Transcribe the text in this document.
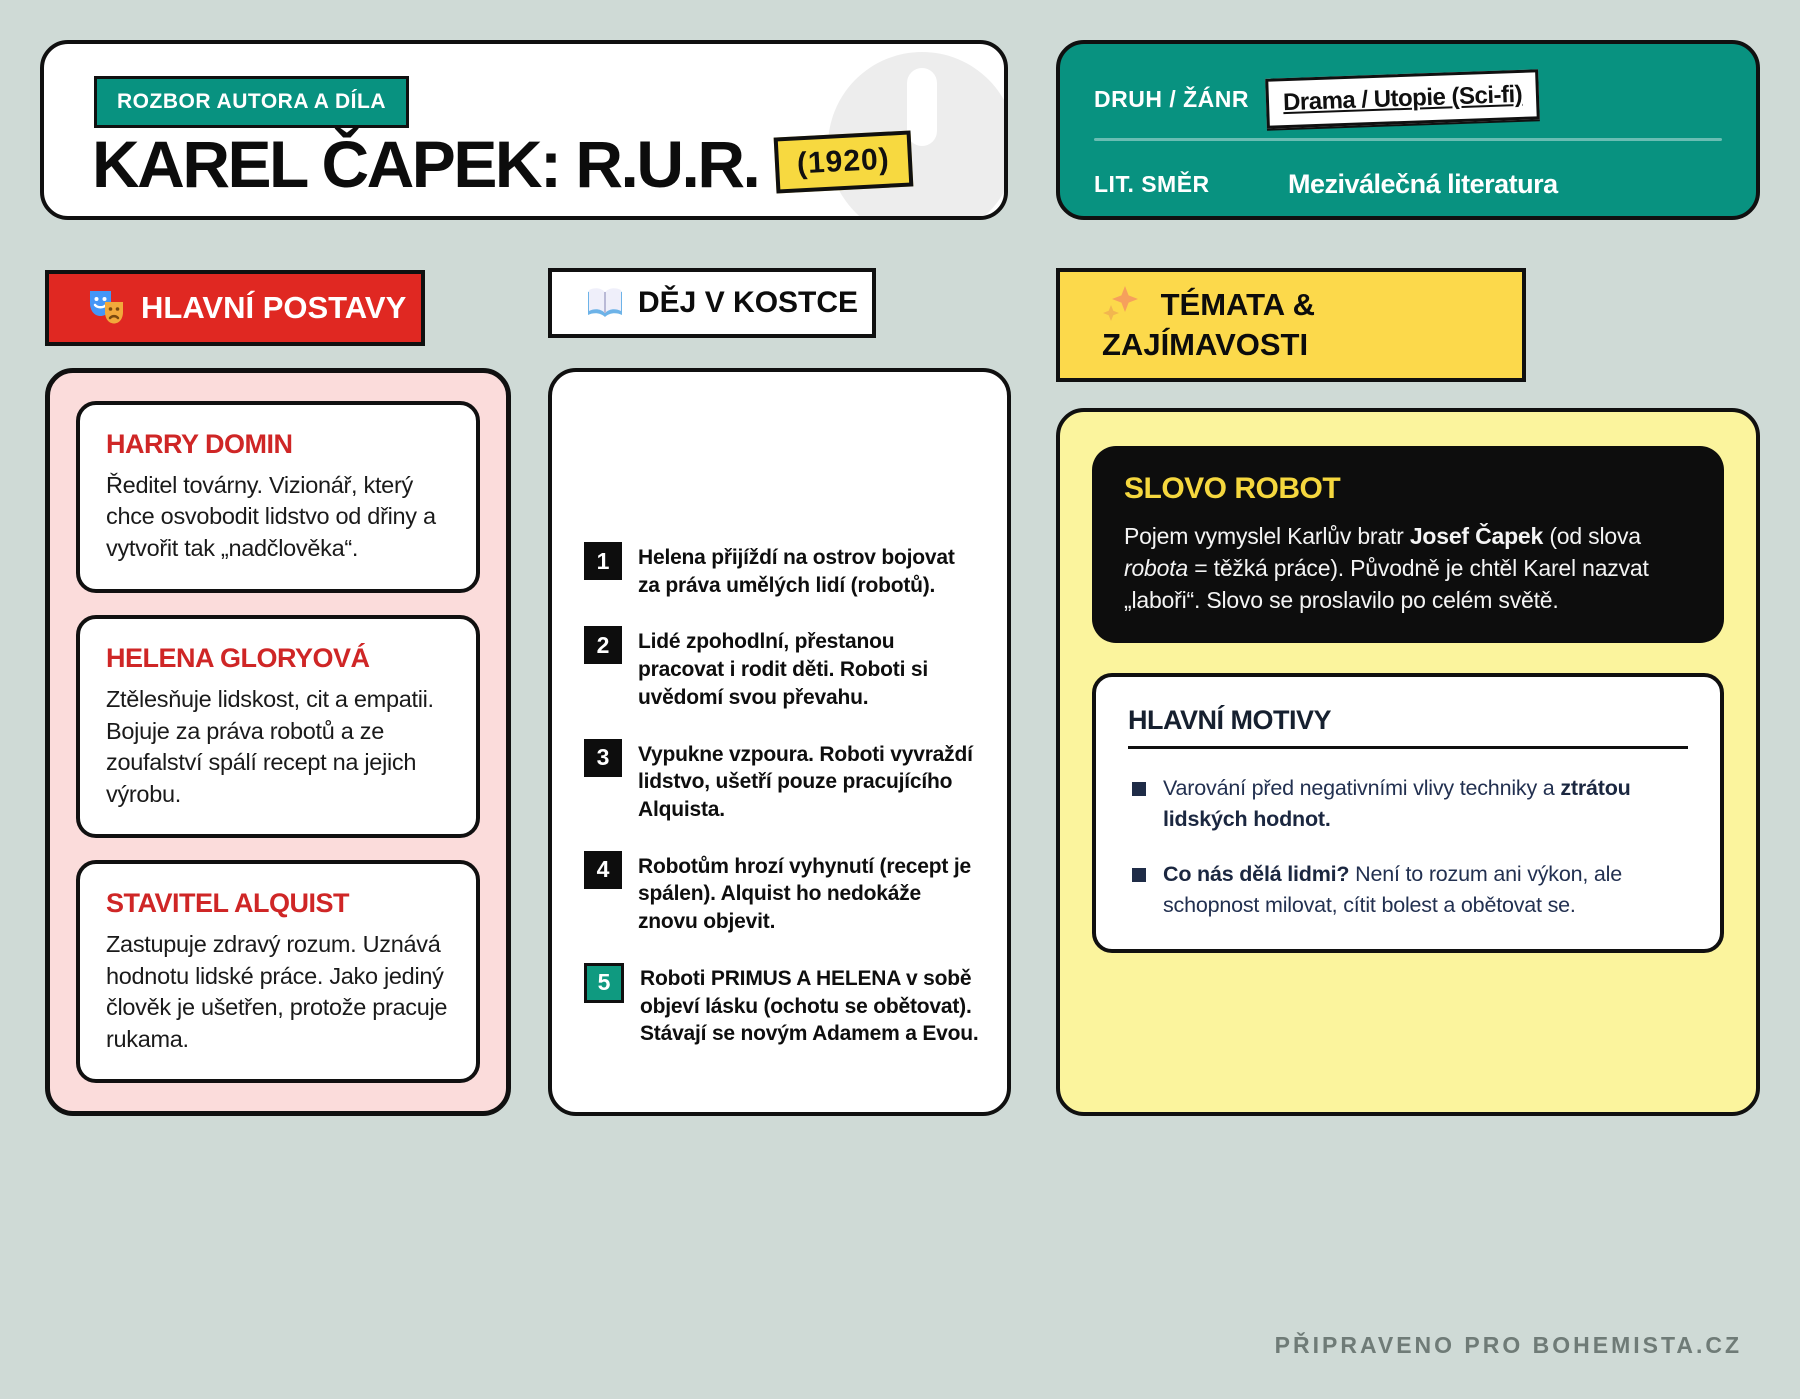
ROZBOR AUTORA A DÍLA
KAREL ČAPEK: R.U.R.	(1920)
DRUH / ŽÁNR	Drama / Utopie (Sci-fi)
LIT. SMĚR	Meziválečná literatura
HLAVNÍ POSTAVY	DĚJ V KOSTCE	TÉMATA &
ZAJÍMAVOSTI
HARRY DOMIN

Ředitel továrny. Vizionář, který chce osvobodit lidstvo od dřiny a vytvořit tak „nadčlověka“.

HELENA GLORYOVÁ

Ztělesňuje lidskost, cit a empatii. Bojuje za práva robotů a ze zoufalství spálí recept na jejich výrobu.

STAVITEL ALQUIST

Zastupuje zdravý rozum. Uznává hodnotu lidské práce. Jako jediný člověk je ušetřen, protože pracuje rukama.

1	Helena přijíždí na ostrov bojovat za práva umělých lidí (robotů).
2	Lidé zpohodlní, přestanou pracovat i rodit děti. Roboti si uvědomí svou převahu.
3	Vypukne vzpoura. Roboti vyvraždí lidstvo, ušetří pouze pracujícího Alquista.
4	Robotům hrozí vyhynutí (recept je spálen). Alquist ho nedokáže znovu objevit.
5	Roboti PRIMUS A HELENA v sobě objeví lásku (ochotu se obětovat). Stávají se novým Adamem a Evou.
SLOVO ROBOT

Pojem vymyslel Karlův bratr Josef Čapek (od slova robota = těžká práce). Původně je chtěl Karel nazvat „laboři“. Slovo se proslavilo po celém světě.

HLAVNÍ MOTIVY
Varování před negativními vlivy techniky a ztrátou lidských hodnot.
Co nás dělá lidmi? Není to rozum ani výkon, ale schopnost milovat, cítit bolest a obětovat se.
PŘIPRAVENO PRO BOHEMISTA.CZ
